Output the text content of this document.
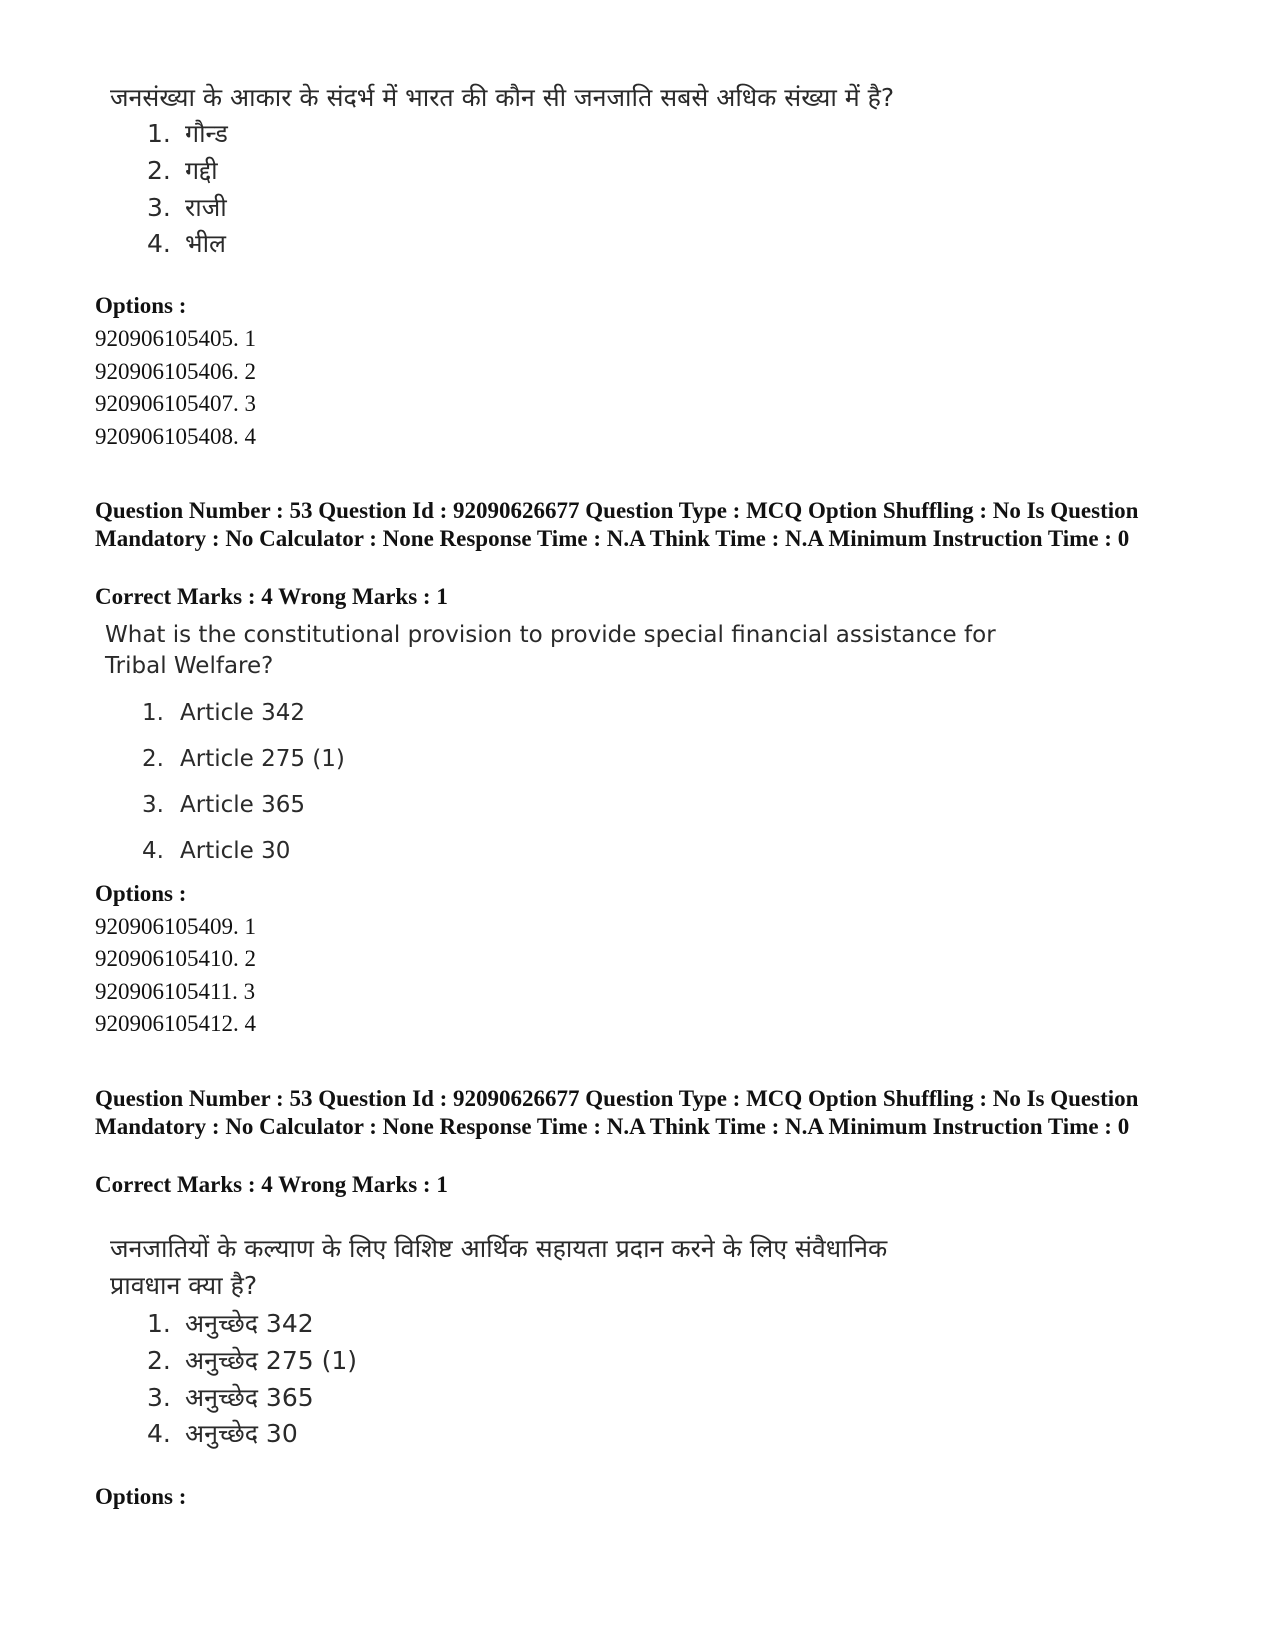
जनसंख्या के आकार के संदर्भ में भारत की कौन सी जनजाति सबसे अधिक संख्या में है?
1. गौन्ड
2. गद्दी
3. राजी
4. भील
Options :
920906105405. 1
920906105406. 2
920906105407. 3
920906105408. 4
Question Number : 53 Question Id : 92090626677 Question Type : MCQ Option Shuffling : No Is Question Mandatory : No Calculator : None Response Time : N.A Think Time : N.A Minimum Instruction Time : 0
Correct Marks : 4 Wrong Marks : 1
What is the constitutional provision to provide special financial assistance for
Tribal Welfare?
1. Article 342
2. Article 275 (1)
3. Article 365
4. Article 30
Options :
920906105409. 1
920906105410. 2
920906105411. 3
920906105412. 4
Question Number : 53 Question Id : 92090626677 Question Type : MCQ Option Shuffling : No Is Question Mandatory : No Calculator : None Response Time : N.A Think Time : N.A Minimum Instruction Time : 0
Correct Marks : 4 Wrong Marks : 1
जनजातियों के कल्याण के लिए विशिष्ट आर्थिक सहायता प्रदान करने के लिए संवैधानिक
प्रावधान क्या है?
1. अनुच्छेद 342
2. अनुच्छेद 275 (1)
3. अनुच्छेद 365
4. अनुच्छेद 30
Options :
